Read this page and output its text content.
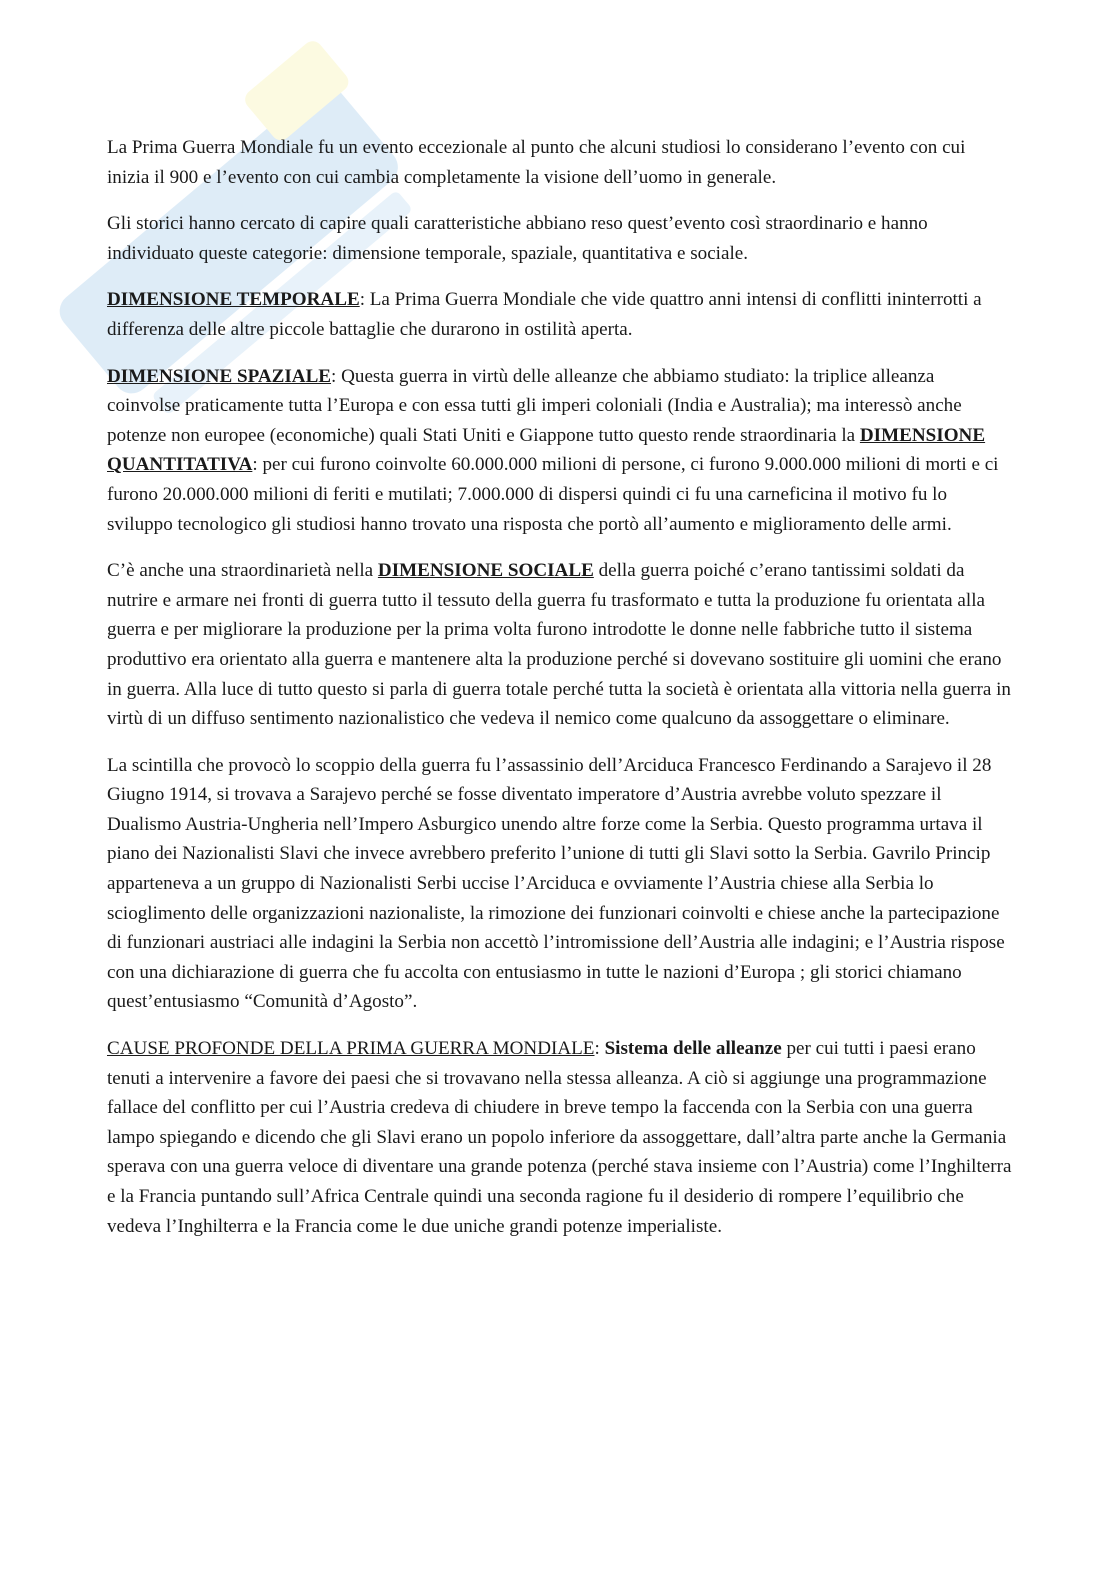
La Prima Guerra Mondiale fu un evento eccezionale al punto che alcuni studiosi lo considerano l’evento con cui inizia il 900 e l’evento con cui cambia completamente la visione dell’uomo in generale.

Gli storici hanno cercato di capire quali caratteristiche abbiano reso quest’evento così straordinario e hanno individuato queste categorie: dimensione temporale, spaziale, quantitativa e sociale.

DIMENSIONE TEMPORALE: La Prima Guerra Mondiale che vide quattro anni intensi di conflitti ininterrotti a differenza delle altre piccole battaglie che durarono in ostilità aperta.

DIMENSIONE SPAZIALE: Questa guerra in virtù delle alleanze che abbiamo studiato: la triplice alleanza coinvolse praticamente tutta l’Europa e con essa tutti gli imperi coloniali (India e Australia); ma interessò anche potenze non europee (economiche) quali Stati Uniti e Giappone tutto questo rende straordinaria la DIMENSIONE QUANTITATIVA: per cui furono coinvolte 60.000.000 milioni di persone, ci furono 9.000.000 milioni di morti e ci furono 20.000.000 milioni di feriti e mutilati; 7.000.000 di dispersi quindi ci fu una carneficina il motivo fu lo sviluppo tecnologico gli studiosi hanno trovato una risposta che portò all’aumento e miglioramento delle armi.

C’è anche una straordinarietà nella DIMENSIONE SOCIALE della guerra poiché c’erano tantissimi soldati da nutrire e armare nei fronti di guerra tutto il tessuto della guerra fu trasformato e tutta la produzione fu orientata alla guerra e per migliorare la produzione per la prima volta furono introdotte le donne nelle fabbriche tutto il sistema produttivo era orientato alla guerra e mantenere alta la produzione perché si dovevano sostituire gli uomini che erano in guerra. Alla luce di tutto questo si parla di guerra totale perché tutta la società è orientata alla vittoria nella guerra in virtù di un diffuso sentimento nazionalistico che vedeva il nemico come qualcuno da assoggettare o eliminare.

La scintilla che provocò lo scoppio della guerra fu l’assassinio dell’Arciduca Francesco Ferdinando a Sarajevo il 28 Giugno 1914, si trovava a Sarajevo perché se fosse diventato imperatore d’Austria avrebbe voluto spezzare il Dualismo Austria-Ungheria nell’Impero Asburgico unendo altre forze come la Serbia. Questo programma urtava il piano dei Nazionalisti Slavi che invece avrebbero preferito l’unione di tutti gli Slavi sotto la Serbia. Gavrilo Princip apparteneva a un gruppo di Nazionalisti Serbi uccise l’Arciduca e ovviamente l’Austria chiese alla Serbia lo scioglimento delle organizzazioni nazionaliste, la rimozione dei funzionari coinvolti e chiese anche la partecipazione di funzionari austriaci alle indagini la Serbia non accettò l’intromissione dell’Austria alle indagini; e l’Austria rispose con una dichiarazione di guerra che fu accolta con entusiasmo in tutte le nazioni d’Europa ; gli storici chiamano quest’entusiasmo “Comunità d’Agosto”.

CAUSE PROFONDE DELLA PRIMA GUERRA MONDIALE: Sistema delle alleanze per cui tutti i paesi erano tenuti a intervenire a favore dei paesi che si trovavano nella stessa alleanza. A ciò si aggiunge una programmazione fallace del conflitto per cui l’Austria credeva di chiudere in breve tempo la faccenda con la Serbia con una guerra lampo spiegando e dicendo che gli Slavi erano un popolo inferiore da assoggettare, dall’altra parte anche la Germania sperava con una guerra veloce di diventare una grande potenza (perché stava insieme con l’Austria) come l’Inghilterra e la Francia puntando sull’Africa Centrale quindi una seconda ragione fu il desiderio di rompere l’equilibrio che vedeva l’Inghilterra e la Francia come le due uniche grandi potenze imperialiste.
